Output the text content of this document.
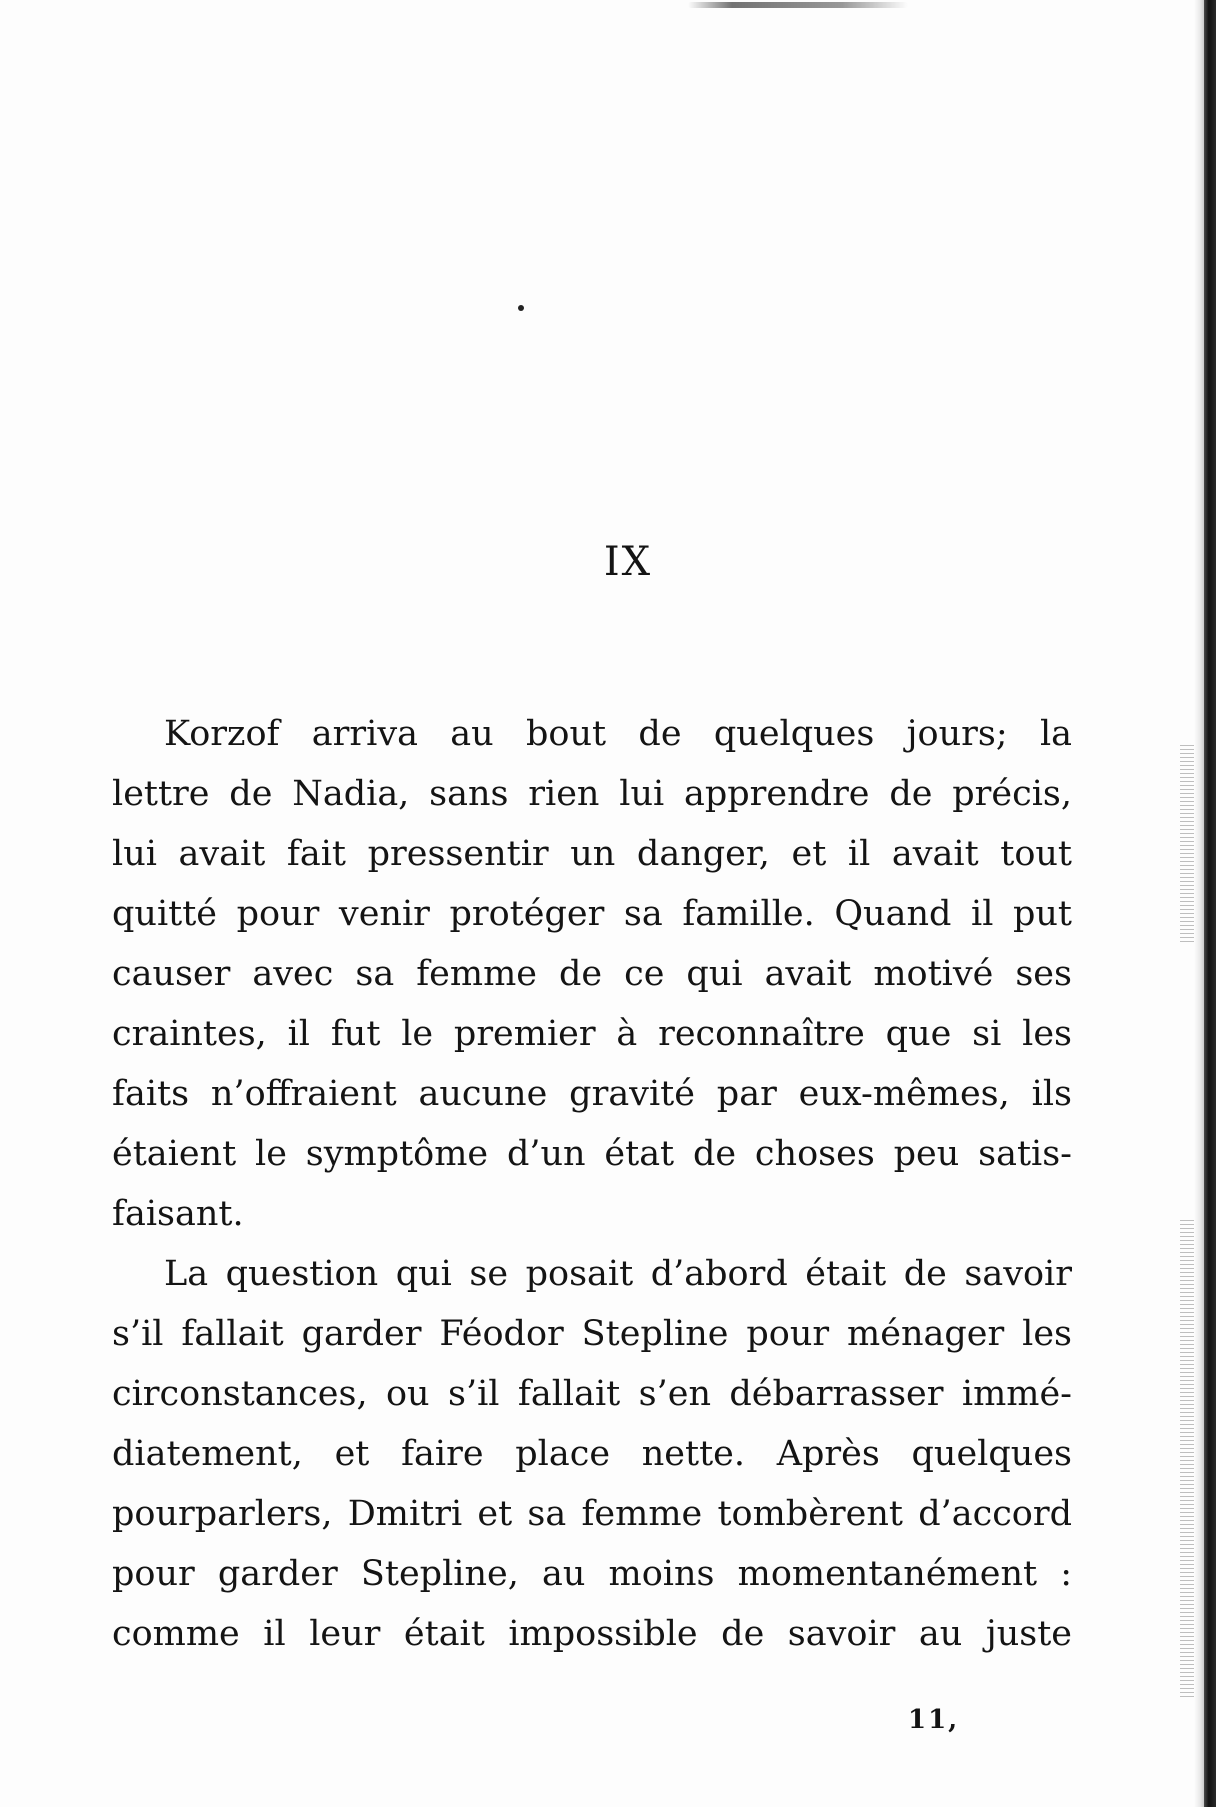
IX
Korzof arriva au bout de quelques jours; la
lettre de Nadia, sans rien lui apprendre de précis,
lui avait fait pressentir un danger, et il avait tout
quitté pour venir protéger sa famille. Quand il put
causer avec sa femme de ce qui avait motivé ses
craintes, il fut le premier à reconnaître que si les
faits n’offraient aucune gravité par eux-mêmes, ils
étaient le symptôme d’un état de choses peu satis-
faisant.
La question qui se posait d’abord était de savoir
s’il fallait garder Féodor Stepline pour ménager les
circonstances, ou s’il fallait s’en débarrasser immé-
diatement, et faire place nette. Après quelques
pourparlers, Dmitri et sa femme tombèrent d’accord
pour garder Stepline, au moins momentanément :
comme il leur était impossible de savoir au juste
11,
